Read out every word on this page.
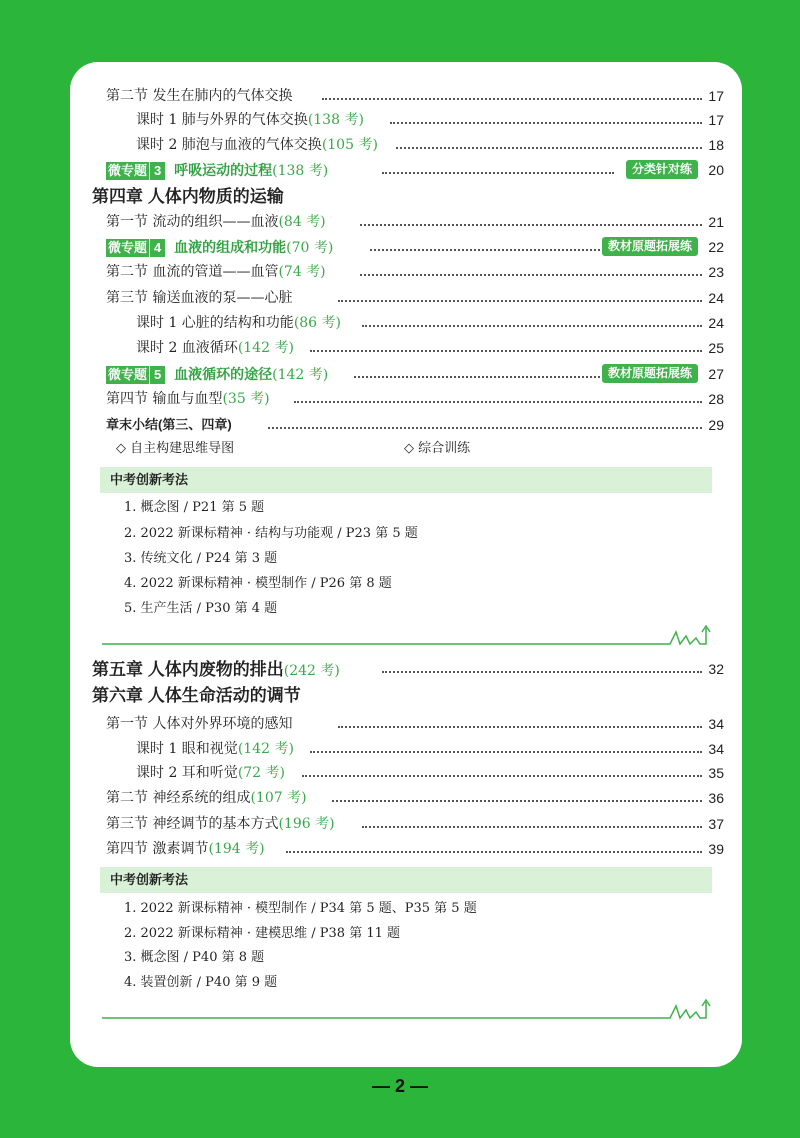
第二节 发生在肺内的气体交换	17
课时 1 肺与外界的气体交换(138 考)	17
课时 2 肺泡与血液的气体交换(105 考)	18
微专题 3 呼吸运动的过程(138 考)	分类针对练	20
第四章 人体内物质的运输
第一节 流动的组织——血液(84 考)	21
微专题 4 血液的组成和功能(70 考)	教材原题拓展练	22
第二节 血流的管道——血管(74 考)	23
第三节 输送血液的泵——心脏	24
课时 1 心脏的结构和功能(86 考)	24
课时 2 血液循环(142 考)	25
微专题 5 血液循环的途径(142 考)	教材原题拓展练	27
第四节 输血与血型(35 考)	28
章末小结(第三、四章)	29
◇ 自主构建思维导图	◇ 综合训练
中考创新考法
1. 概念图 / P21 第 5 题
2. 2022 新课标精神 · 结构与功能观 / P23 第 5 题
3. 传统文化 / P24 第 3 题
4. 2022 新课标精神 · 模型制作 / P26 第 8 题
5. 生产生活 / P30 第 4 题
第五章 人体内废物的排出(242 考)	32
第六章 人体生命活动的调节
第一节 人体对外界环境的感知	34
课时 1 眼和视觉(142 考)	34
课时 2 耳和听觉(72 考)	35
第二节 神经系统的组成(107 考)	36
第三节 神经调节的基本方式(196 考)	37
第四节 激素调节(194 考)	39
中考创新考法
1. 2022 新课标精神 · 模型制作 / P34 第 5 题、P35 第 5 题
2. 2022 新课标精神 · 建模思维 / P38 第 11 题
3. 概念图 / P40 第 8 题
4. 装置创新 / P40 第 9 题
— 2 —
